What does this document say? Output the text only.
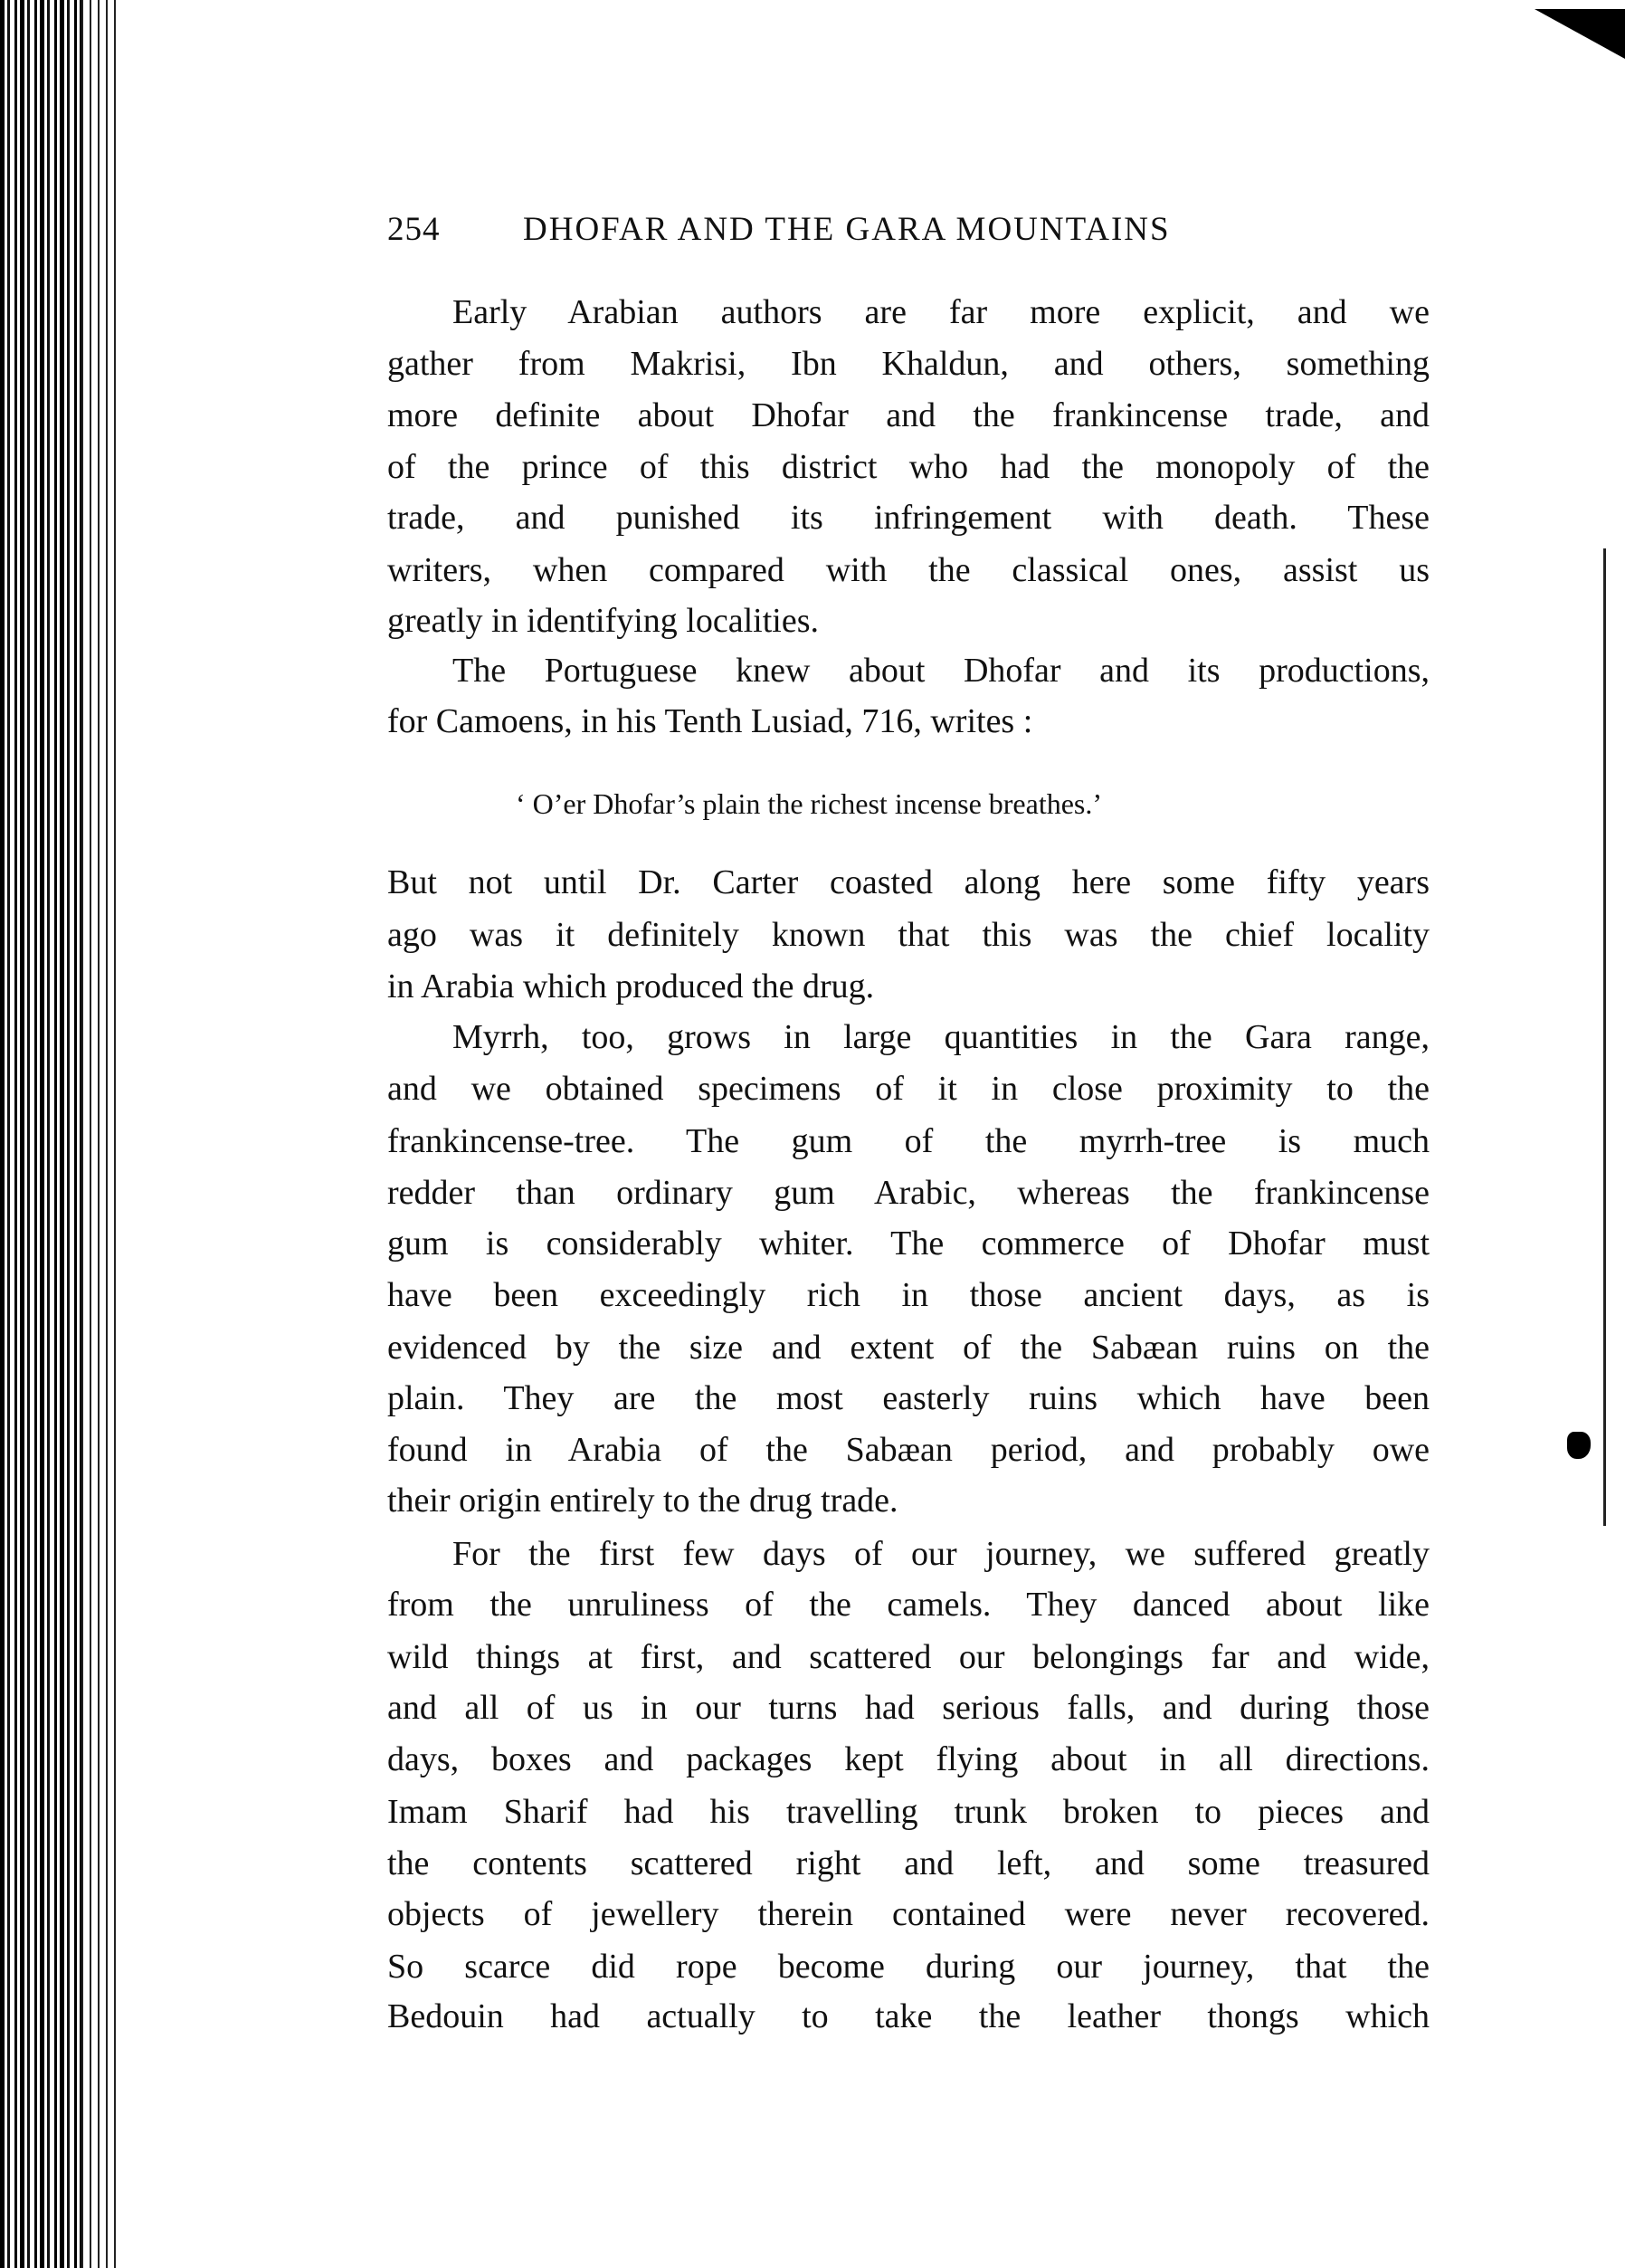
254 DHOFAR AND THE GARA MOUNTAINS
Early Arabian authors are far more explicit, and we
gather from Makrisi, Ibn Khaldun, and others, something
more definite about Dhofar and the frankincense trade, and
of the prince of this district who had the monopoly of the
trade, and punished its infringement with death. These
writers, when compared with the classical ones, assist us
greatly in identifying localities.
The Portuguese knew about Dhofar and its productions,
for Camoens, in his Tenth Lusiad, 716, writes :
But not until Dr. Carter coasted along here some fifty years
ago was it definitely known that this was the chief locality
in Arabia which produced the drug.
Myrrh, too, grows in large quantities in the Gara range,
and we obtained specimens of it in close proximity to the
frankincense-tree. The gum of the myrrh-tree is much
redder than ordinary gum Arabic, whereas the frankincense
gum is considerably whiter. The commerce of Dhofar must
have been exceedingly rich in those ancient days, as is
evidenced by the size and extent of the Sabæan ruins on the
plain. They are the most easterly ruins which have been
found in Arabia of the Sabæan period, and probably owe
their origin entirely to the drug trade.
For the first few days of our journey, we suffered greatly
from the unruliness of the camels. They danced about like
wild things at first, and scattered our belongings far and wide,
and all of us in our turns had serious falls, and during those
days, boxes and packages kept flying about in all directions.
Imam Sharif had his travelling trunk broken to pieces and
the contents scattered right and left, and some treasured
objects of jewellery therein contained were never recovered.
So scarce did rope become during our journey, that the
Bedouin had actually to take the leather thongs which
‘ O’er Dhofar’s plain the richest incense breathes.’
